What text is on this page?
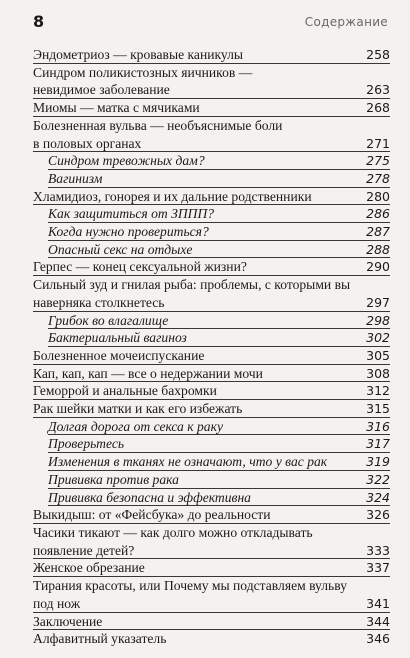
8	Содержание
Эндометриоз — кровавые каникулы	258
Синдром поликистозных яичников —
невидимое заболевание	263
Миомы — матка с мячиками	268
Болезненная вульва — необъяснимые боли
в половых органах	271
Синдром тревожных дам?	275
Вагинизм	278
Хламидиоз, гонорея и их дальние родственники	280
Как защититься от ЗППП?	286
Когда нужно провериться?	287
Опасный секс на отдыхе	288
Герпес — конец сексуальной жизни?	290
Сильный зуд и гнилая рыба: проблемы, с которыми вы
наверняка столкнетесь	297
Грибок во влагалище	298
Бактериальный вагиноз	302
Болезненное мочеиспускание	305
Кап, кап, кап — все о недержании мочи	308
Геморрой и анальные бахромки	312
Рак шейки матки и как его избежать	315
Долгая дорога от секса к раку	316
Проверьтесь	317
Изменения в тканях не означают, что у вас рак	319
Прививка против рака	322
Прививка безопасна и эффективна	324
Выкидыш: от «Фейсбука» до реальности	326
Часики тикают — как долго можно откладывать
появление детей?	333
Женское обрезание	337
Тирания красоты, или Почему мы подставляем вульву
под нож	341
Заключение	344
Алфавитный указатель	346
